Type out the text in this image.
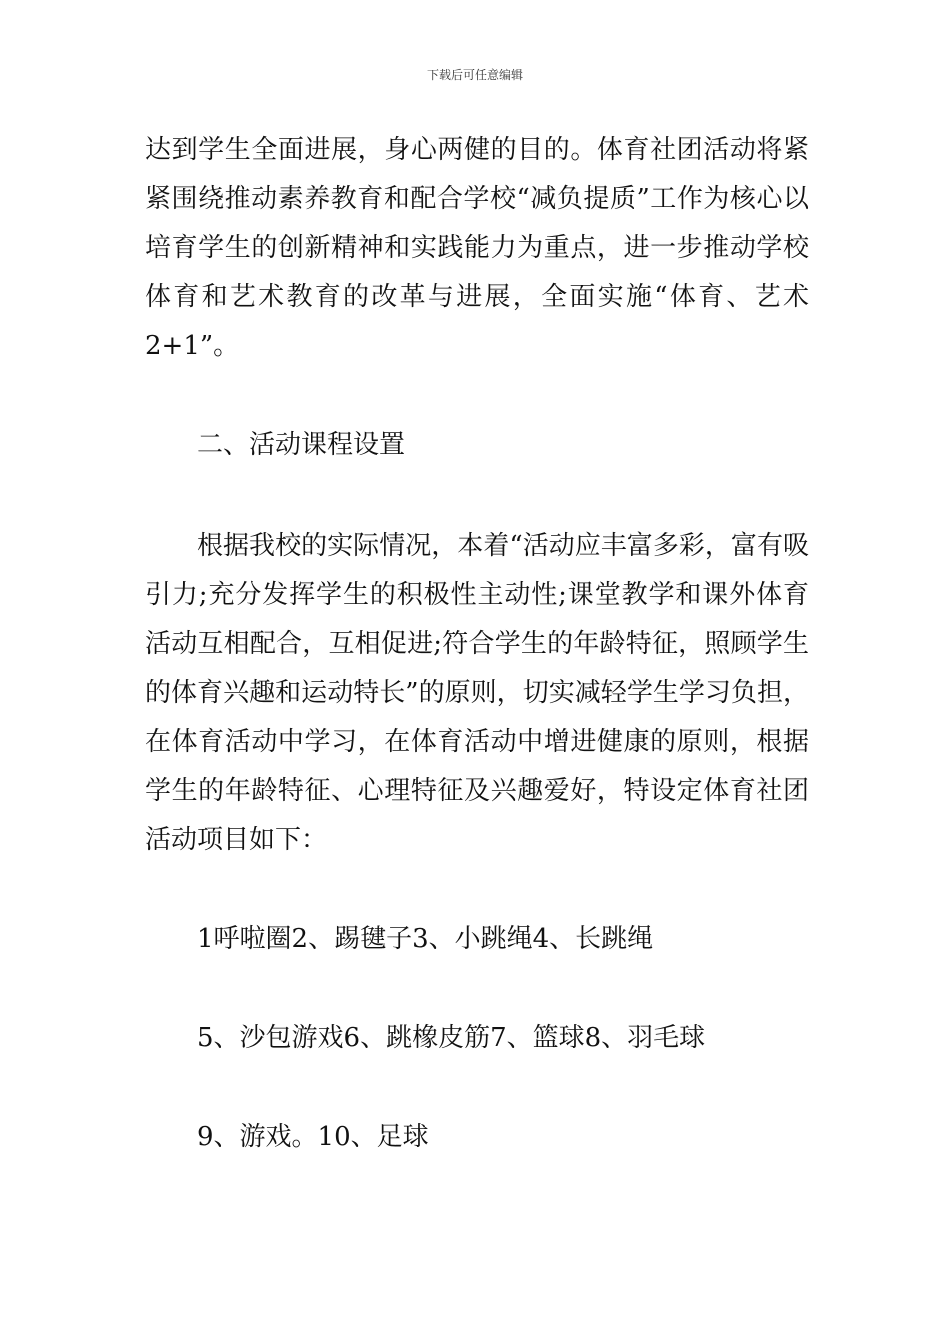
下载后可任意编辑

达到学生全面进展，身心两健的目的。体育社团活动将紧紧围绕推动素养教育和配合学校“减负提质”工作为核心以培育学生的创新精神和实践能力为重点，进一步推动学校体育和艺术教育的改革与进展，全面实施“体育、艺术2+1”。

二、活动课程设置

根据我校的实际情况，本着“活动应丰富多彩，富有吸引力;充分发挥学生的积极性主动性;课堂教学和课外体育活动互相配合，互相促进;符合学生的年龄特征，照顾学生的体育兴趣和运动特长”的原则，切实减轻学生学习负担，在体育活动中学习，在体育活动中增进健康的原则，根据学生的年龄特征、心理特征及兴趣爱好，特设定体育社团活动项目如下：

1呼啦圈2、踢毽子3、小跳绳4、长跳绳

5、沙包游戏6、跳橡皮筋7、篮球8、羽毛球

9、游戏。10、足球
